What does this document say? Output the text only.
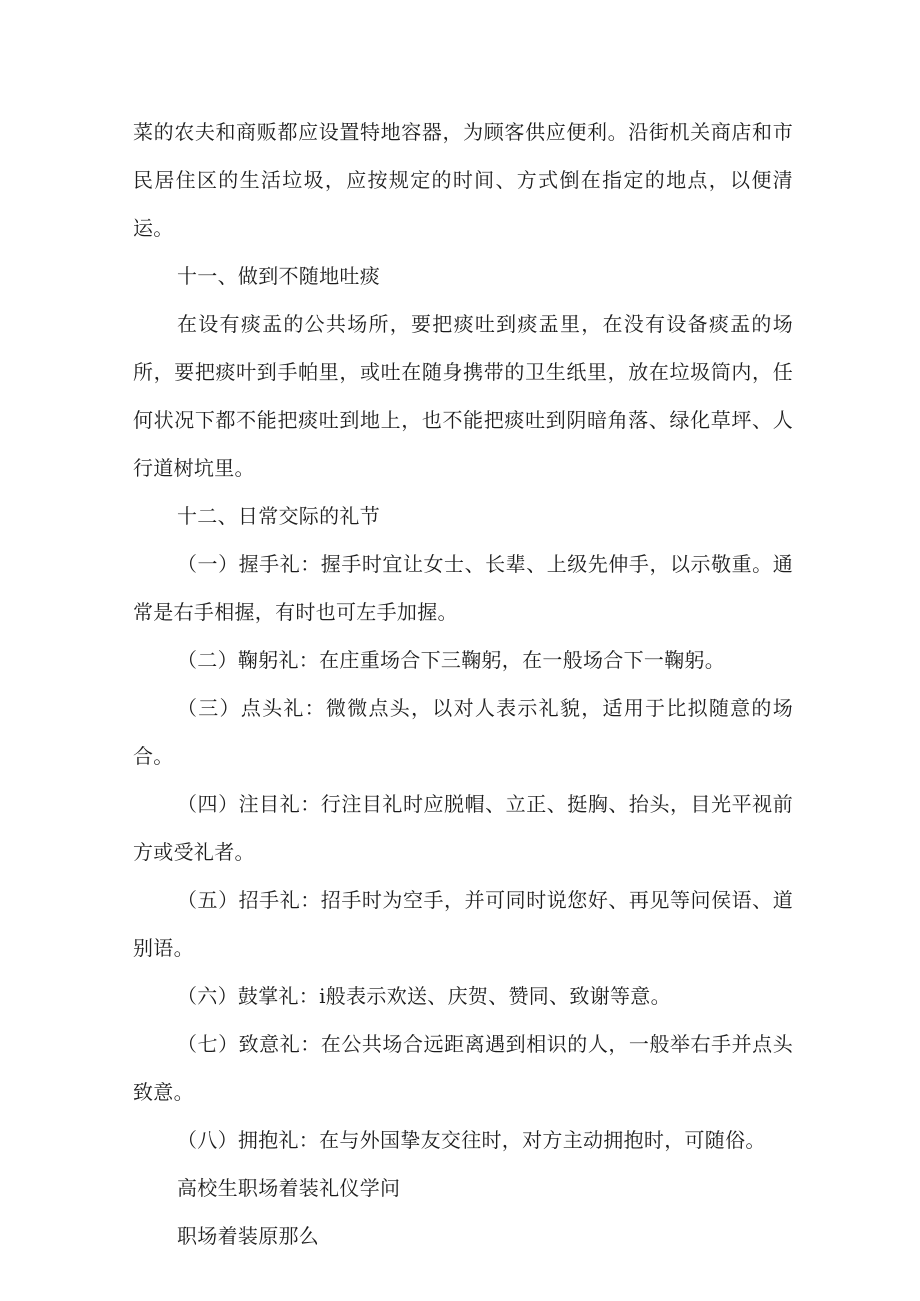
菜的农夫和商贩都应设置特地容器，为顾客供应便利。沿街机关商店和市民居住区的生活垃圾，应按规定的时间、方式倒在指定的地点，以便清运。

十一、做到不随地吐痰

在设有痰盂的公共场所，要把痰吐到痰盂里，在没有设备痰盂的场所，要把痰叶到手帕里，或吐在随身携带的卫生纸里，放在垃圾筒内，任何状况下都不能把痰吐到地上，也不能把痰吐到阴暗角落、绿化草坪、人行道树坑里。

十二、日常交际的礼节

（一）握手礼：握手时宜让女士、长辈、上级先伸手，以示敬重。通常是右手相握，有时也可左手加握。

（二）鞠躬礼：在庄重场合下三鞠躬，在一般场合下一鞠躬。

（三）点头礼：微微点头，以对人表示礼貌，适用于比拟随意的场合。

（四）注目礼：行注目礼时应脱帽、立正、挺胸、抬头，目光平视前方或受礼者。

（五）招手礼：招手时为空手，并可同时说您好、再见等问侯语、道别语。

（六）鼓掌礼：i般表示欢送、庆贺、赞同、致谢等意。

（七）致意礼：在公共场合远距离遇到相识的人，一般举右手并点头致意。

（八）拥抱礼：在与外国挚友交往时，对方主动拥抱时，可随俗。

高校生职场着装礼仪学问

职场着装原那么
